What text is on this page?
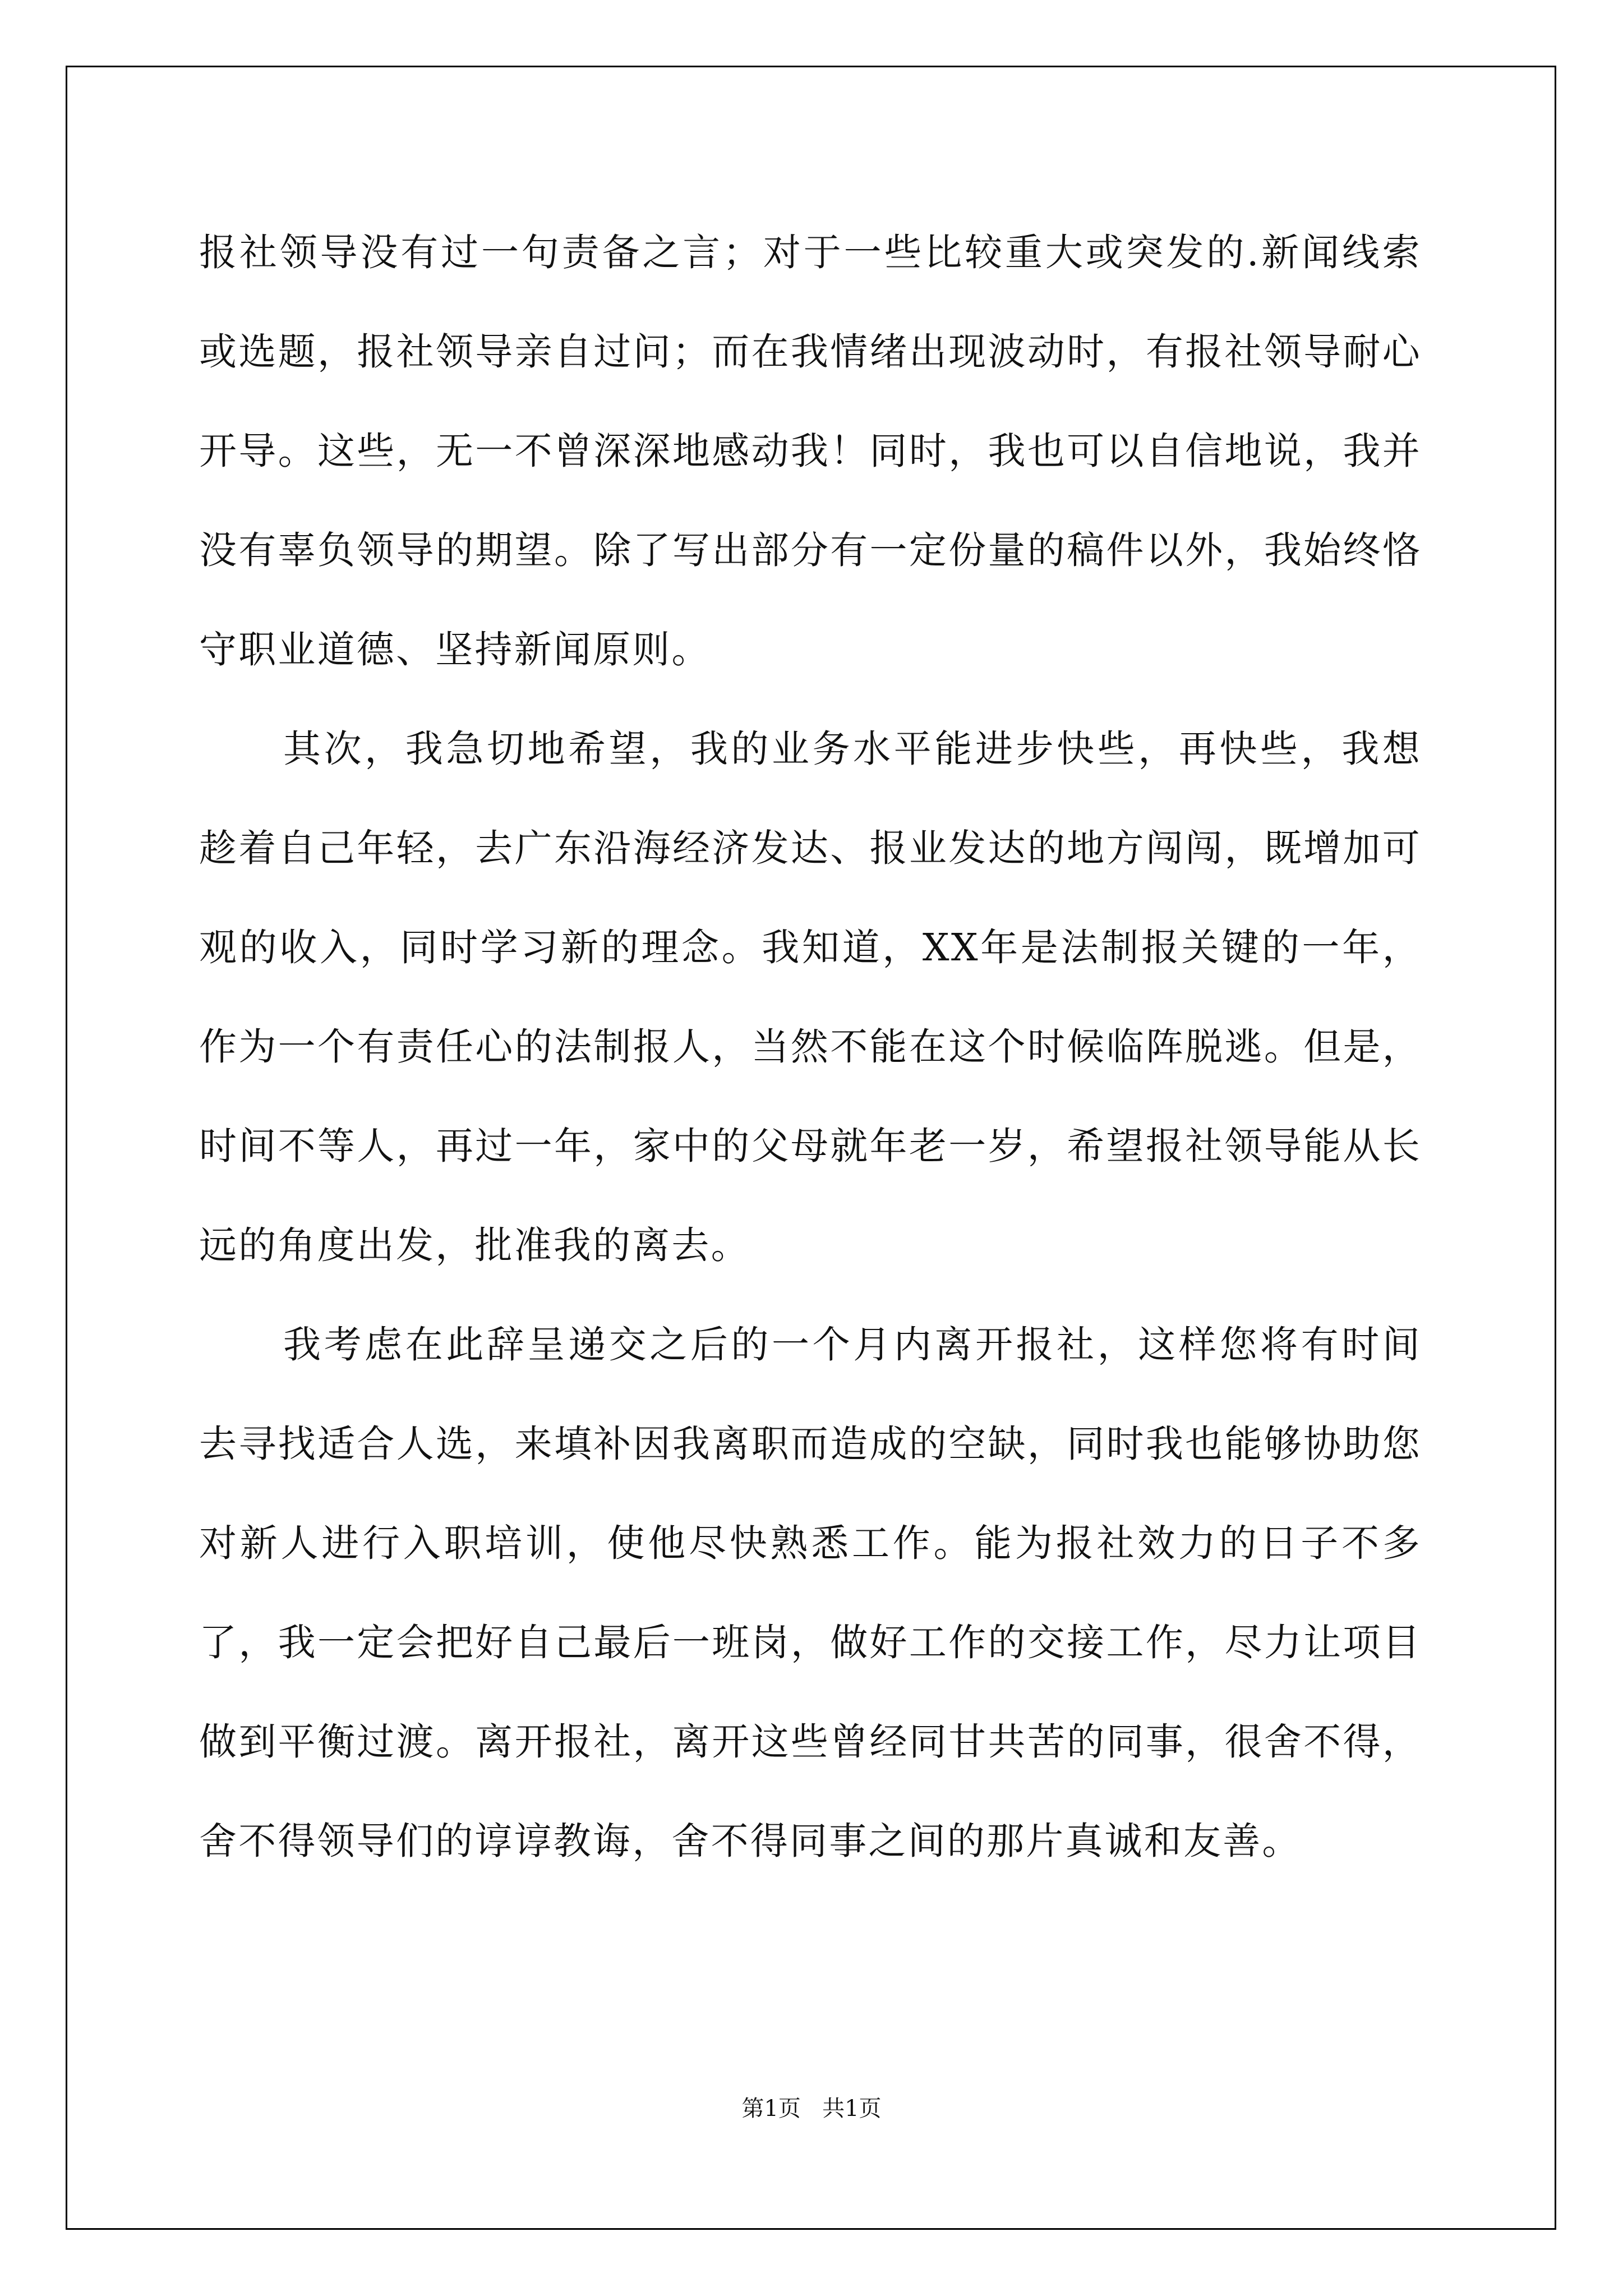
报社领导没有过一句责备之言；对于一些比较重大或突发的.新闻线索或选题，报社领导亲自过问；而在我情绪出现波动时，有报社领导耐心开导。这些，无一不曾深深地感动我！同时，我也可以自信地说，我并没有辜负领导的期望。除了写出部分有一定份量的稿件以外，我始终恪守职业道德、坚持新闻原则。

其次，我急切地希望，我的业务水平能进步快些，再快些，我想趁着自己年轻，去广东沿海经济发达、报业发达的地方闯闯，既增加可观的收入，同时学习新的理念。我知道，XX年是法制报关键的一年，作为一个有责任心的法制报人，当然不能在这个时候临阵脱逃。但是，时间不等人，再过一年，家中的父母就年老一岁，希望报社领导能从长远的角度出发，批准我的离去。

我考虑在此辞呈递交之后的一个月内离开报社，这样您将有时间去寻找适合人选，来填补因我离职而造成的空缺，同时我也能够协助您对新人进行入职培训，使他尽快熟悉工作。能为报社效力的日子不多了，我一定会把好自己最后一班岗，做好工作的交接工作，尽力让项目做到平衡过渡。离开报社，离开这些曾经同甘共苦的同事，很舍不得，舍不得领导们的谆谆教诲，舍不得同事之间的那片真诚和友善。

第1页 共1页
